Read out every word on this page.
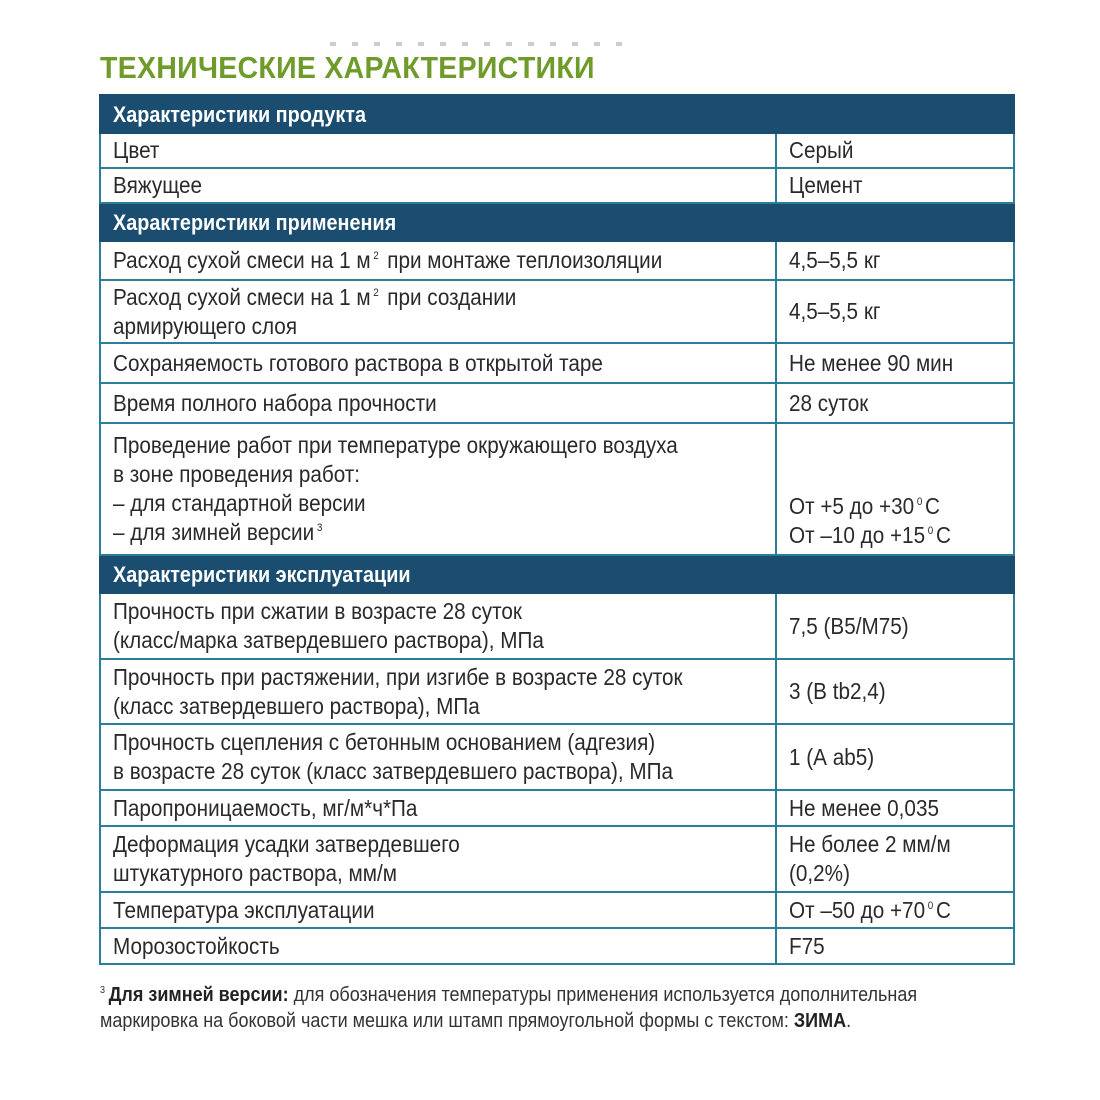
ТЕХНИЧЕСКИЕ ХАРАКТЕРИСТИКИ
Характеристики продукта	
Цвет	Серый
Вяжущее	Цемент
Характеристики применения	
Расход сухой смеси на 1 м $^2$ при монтаже теплоизоляции	4,5–5,5 кг

Расход сухой смеси на 1 м $^2$ при создании
армирующего слоя	4,5–5,5 кг
Сохраняемость готового раствора в открытой таре	Не менее 90 мин
Время полного набора прочности	28 суток

Проведение работ при температуре окружающего воздуха
в зоне проведения работ:
– для стандартной версии
– для зимней версии $^3$	От +5 до +30 $^0$ С
От –10 до +15 $^0$ С

Характеристики эксплуатации	

Прочность при сжатии в возрасте 28 суток
(класс/марка затвердевшего раствора), МПа	7,5 (В5/М75)

Прочность при растяжении, при изгибе в возрасте 28 суток
(класс затвердевшего раствора), МПа	3 (В tb2,4)

Прочность сцепления с бетонным основанием (адгезия)
в возрасте 28 суток (класс затвердевшего раствора), МПа	1 (А ab5)
Паропроницаемость, мг/м*ч*Па	Не менее 0,035

Деформация усадки затвердевшего
штукатурного раствора, мм/м	Не более 2 мм/м
(0,2%)

Температура эксплуатации	От –50 до +70 $^0$ С
Морозостойкость	F75
$^3$ Для зимней версии: для обозначения температуры применения используется дополнительная
маркировка на боковой части мешка или штамп прямоугольной формы с текстом: ЗИМА.
